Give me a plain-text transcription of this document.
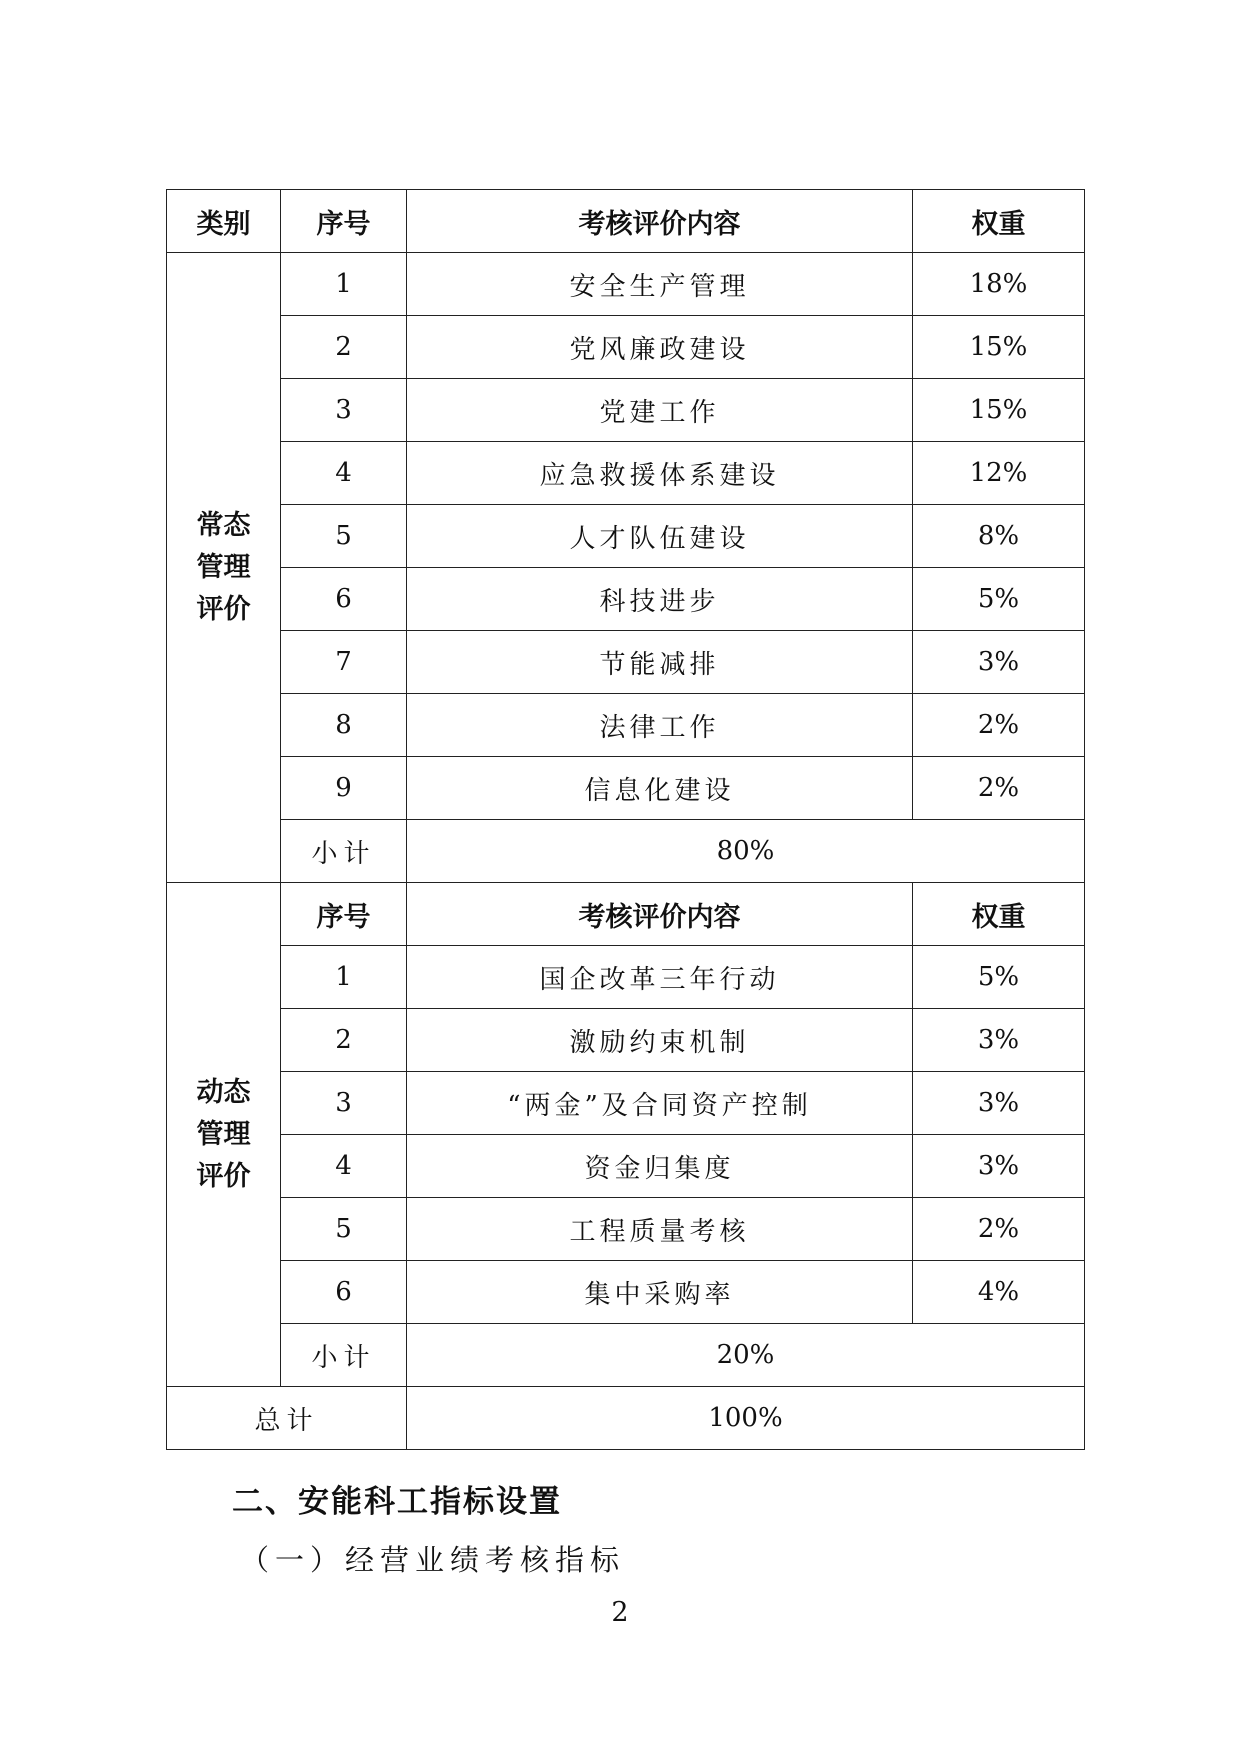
类别	序号	考核评价内容	权重

常态
管理
评价	1	安全生产管理	18%
	2	党风廉政建设	15%
	3	党建工作	15%
	4	应急救援体系建设	12%
	5	人才队伍建设	8%
	6	科技进步	5%
	7	节能减排	3%
	8	法律工作	2%
	9	信息化建设	2%
	小计	80%	

动态
管理
评价	序号	考核评价内容	权重
	1	国企改革三年行动	5%
	2	激励约束机制	3%
	3	“两金”及合同资产控制	3%
	4	资金归集度	3%
	5	工程质量考核	2%
	6	集中采购率	4%
	小计	20%	
总计		100%	
二、安能科工指标设置
（一）经营业绩考核指标
2
